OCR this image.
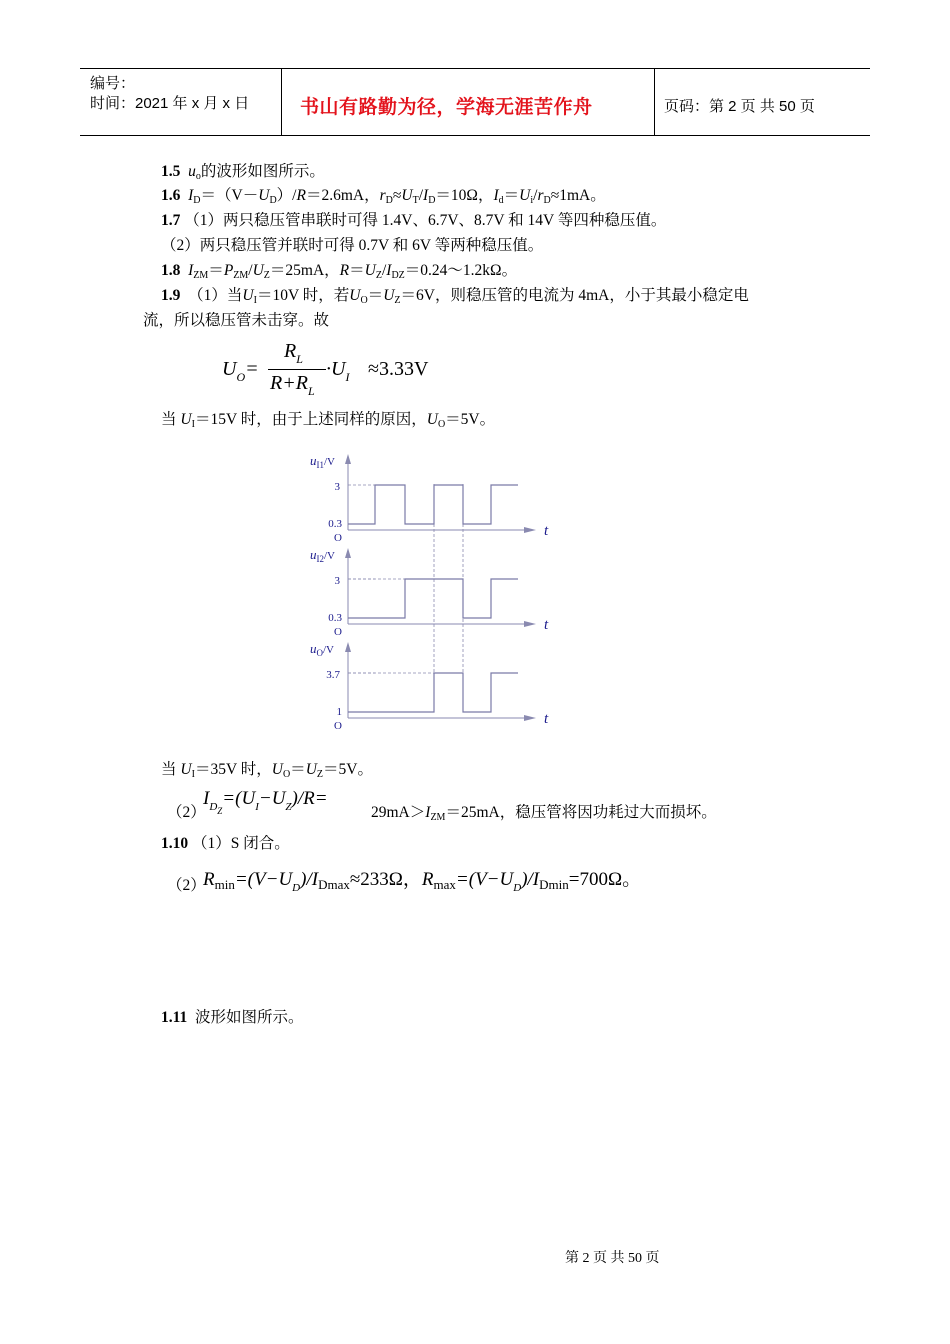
编号：
时间：2021 年 x 月 x 日	书山有路勤为径，学海无涯苦作舟	页码：第 2 页 共 50 页
1.5 $u_o$的波形如图所示。
1.6 $I_D=(V-U_D)/R=2.6mA$，$r_D\approx U_T/I_D=10\Omega$，$I_d=U_i/r_D\approx 1mA$。
1.7 （1）两只稳压管串联时可得 1.4V、6.7V、8.7V 和 14V 等四种稳压值。
（2）两只稳压管并联时可得 0.7V 和 6V 等两种稳压值。
1.8 $I_{ZM}=P_{ZM}/U_Z=25mA$，$R=U_Z/I_{DZ}=0.24\sim 1.2k\Omega$。
1.9 （1）当$U_I=10V$ 时，若$U_O=U_Z=6V$，则稳压管的电流为 4mA，小于其最小稳定电
流，所以稳压管未击穿。故
$U_O=$
$R_L$
$R+R_L$
$\cdot U_I \approx 3.33V$
当 $U_I=15V$ 时，由于上述同样的原因，$U_O=5V$。
$u_{I1}^{/V}$
3
0.3
O	t
$u_{I2}^{/V}$
3
0.3
O	t
$u_O^{/V}$
3.7
1
O	t
当 $U_I=35V$ 时，$U_O=U_Z=5V$。
（2）
$I_{DZ}=(U_I-U_Z)/R=$
$29mA>I_{ZM}=25mA$，稳压管将因功耗过大而损坏。
1.10 （1）S 闭合。
（2）
$R_{min}=(V-U_D)/I_{Dmax}\approx 233\Omega$，$R_{max}=(V-U_D)/I_{Dmin}=700\Omega$。
1.11 波形如图所示。
第 2 页 共 50 页
